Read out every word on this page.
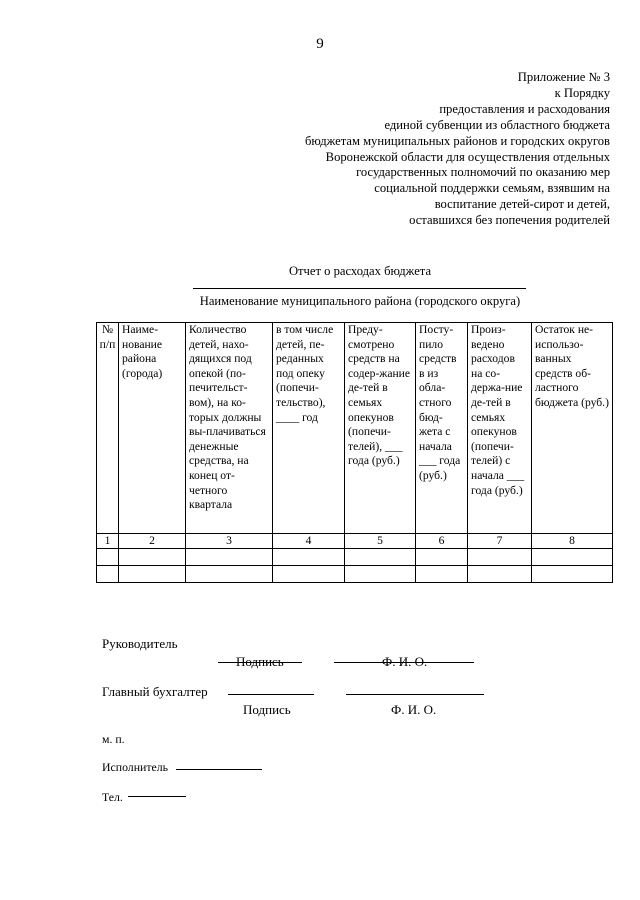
9
Приложение № 3
к Порядку
предоставления и расходования
единой субвенции из областного бюджета
бюджетам муниципальных районов и городских округов
Воронежской области для осуществления отдельных
государственных полномочий по оказанию мер
социальной поддержки семьям, взявшим на
воспитание детей-сирот и детей,
оставшихся без попечения родителей
Отчет о расходах бюджета
Наименование муниципального района (городского округа)
№ п/п	Наиме-нование района (города)	Количество детей, нахо-дящихся под опекой (по-печительст-вом), на ко-торых должны вы-плачиваться денежные средства, на конец от-четного квартала	в том числе детей, пе-реданных под опеку (попечи-тельство), ____ год	Преду-смотрено средств на содер-жание де-тей в семьях опекунов (попечи-телей), ___ года (руб.)	Посту-пило средств в из обла-стного бюд-жета с начала ___ года (руб.)	Произ-ведено расходов на со-держа-ние де-тей в семьях опекунов (попечи-телей) с начала ___ года (руб.)	Остаток не-использо-ванных средств об-ластного бюджета (руб.)
1	2	3	4	5	6	7	8

Руководитель
Подпись	Ф. И. О.
Главный бухгалтер
Подпись	Ф. И. О.
м. п.
Исполнитель
Тел.
